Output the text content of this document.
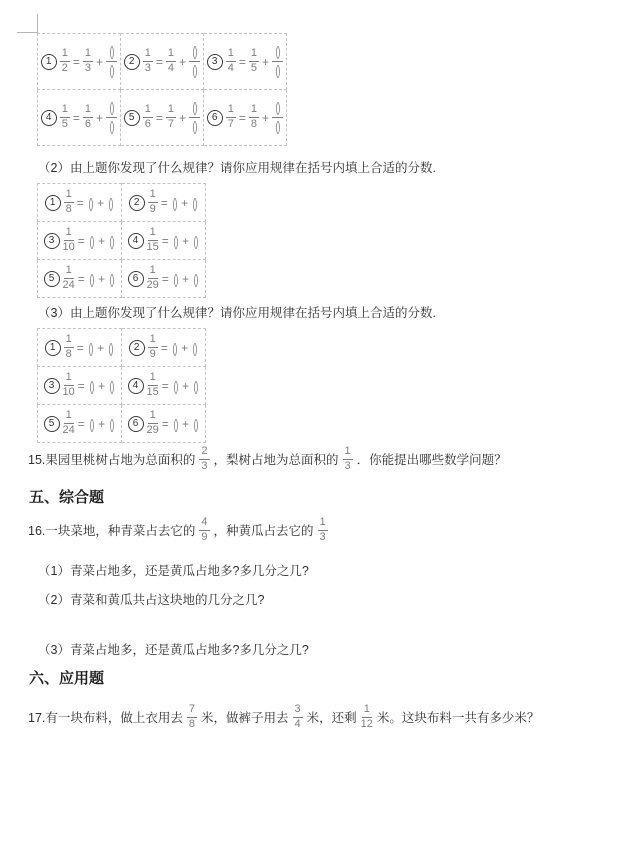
$1 \frac{1}{2} = \frac{1}{3} + \frac{()}{()}$	$2 \frac{1}{3} = \frac{1}{4} + \frac{()}{()}$	$3 \frac{1}{4} = \frac{1}{5} + \frac{()}{()}$

$4 \frac{1}{5} = \frac{1}{6} + \frac{()}{()}$	$5 \frac{1}{6} = \frac{1}{7} + \frac{()}{()}$	$6 \frac{1}{7} = \frac{1}{8} + \frac{()}{()}$
（2）由上题你发现了什么规律？请你应用规律在括号内填上合适的分数.
$1 \frac{1}{8}$ = () + ()	$2 \frac{1}{9}$ = () + ()

$3 \frac{1}{10}$ = () + ()	$4 \frac{1}{15}$ = () + ()

$5 \frac{1}{24}$ = () + ()	$6 \frac{1}{29}$ = () + ()
（3）由上题你发现了什么规律？请你应用规律在括号内填上合适的分数.
$1 \frac{1}{8}$ = () + ()	$2 \frac{1}{9}$ = () + ()

$3 \frac{1}{10}$ = () + ()	$4 \frac{1}{15}$ = () + ()

$5 \frac{1}{24}$ = () + ()	$6 \frac{1}{29}$ = () + ()
15.果园里桃树占地为总面积的 $\frac{2}{3}$ ，梨树占地为总面积的 $\frac{1}{3}$ ．你能提出哪些数学问题？
五、综合题
16.一块菜地，种青菜占去它的 $\frac{4}{9}$ ，种黄瓜占去它的 $\frac{1}{3}$
（1）青菜占地多，还是黄瓜占地多?多几分之几?
（2）青菜和黄瓜共占这块地的几分之几?
（3）青菜占地多，还是黄瓜占地多?多几分之几?
六、应用题
17.有一块布料，做上衣用去 $\frac{7}{8}$ 米，做裤子用去 $\frac{3}{4}$ 米，还剩 $\frac{1}{12}$ 米。这块布料一共有多少米？
